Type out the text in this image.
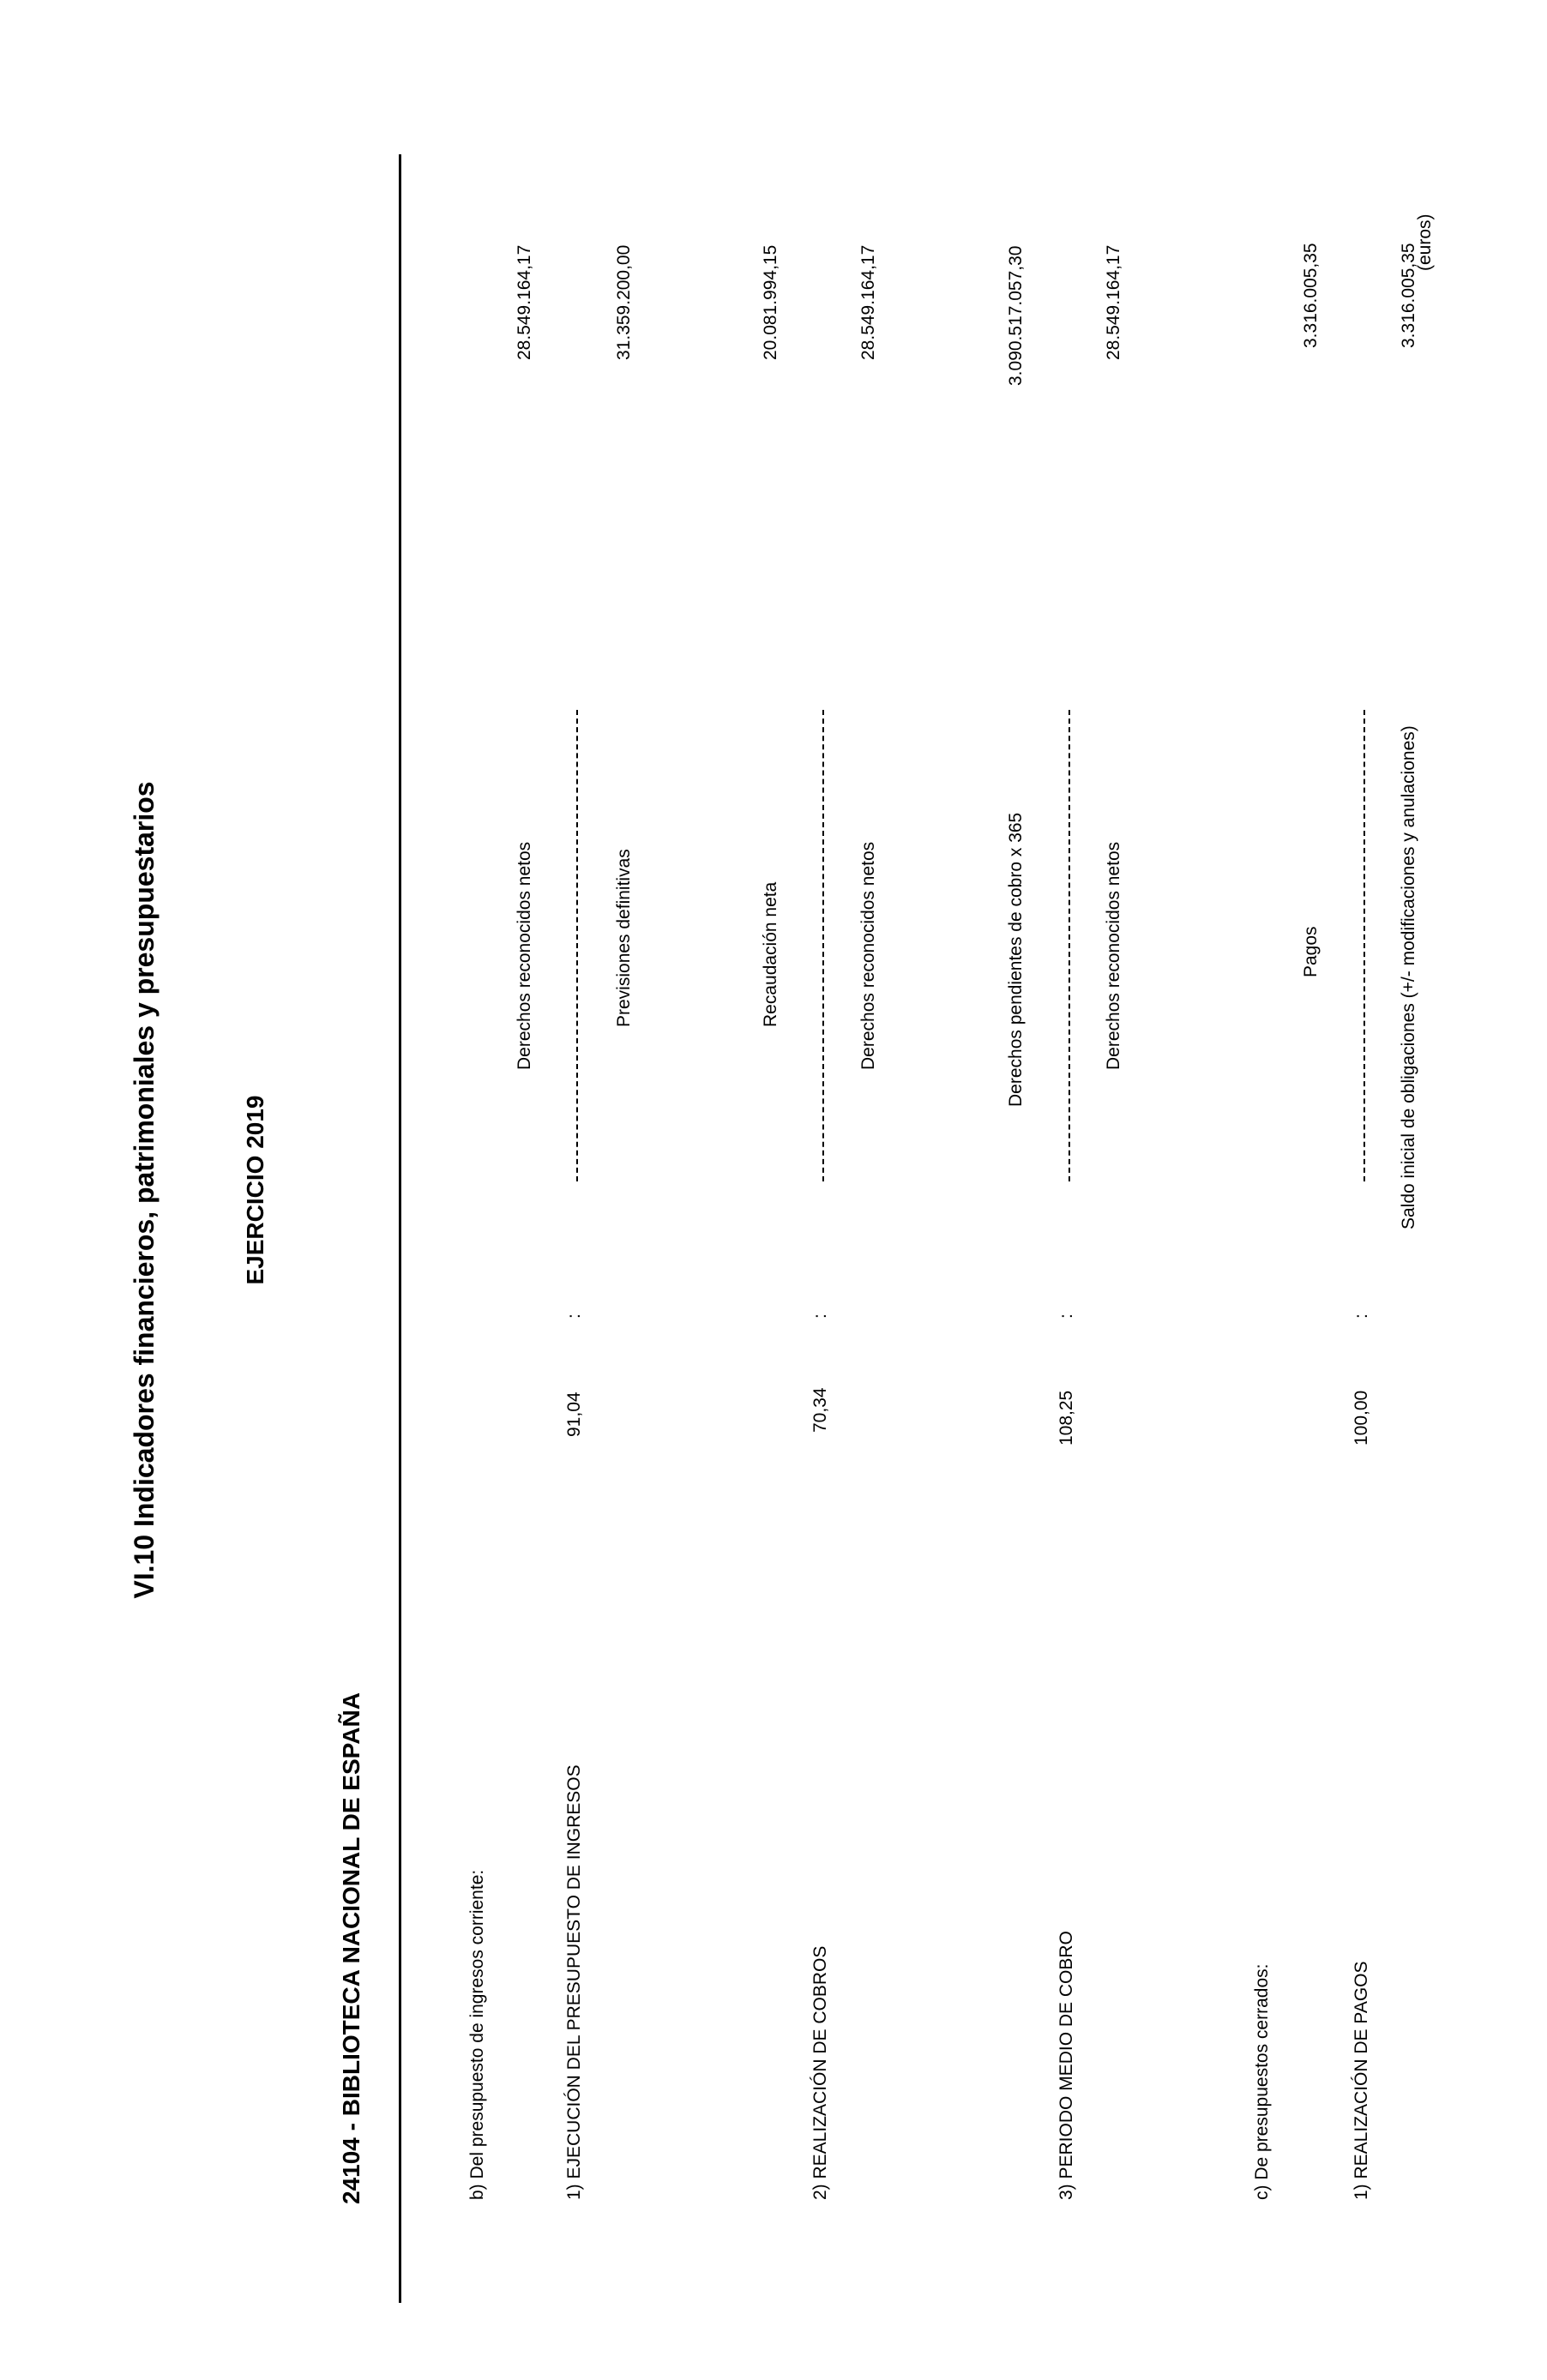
VI.10 Indicadores financieros, patrimoniales y presupuestarios	EJERCICIO 2019
24104 - BIBLIOTECA NACIONAL DE ESPAÑA
(euros)
b) Del presupuesto de ingresos corriente:	1) EJECUCIÓN DEL PRESUPUESTO DE INGRESOS
91,04
:
Derechos reconocidos netos	Previsiones definitivas
28.549.164,17	31.359.200,00
2) REALIZACIÓN DE COBROS
70,34
:
Recaudación neta	Derechos reconocidos netos
20.081.994,15	28.549.164,17
3) PERIODO MEDIO DE COBRO
108,25
:
Derechos pendientes de cobro x 365	Derechos reconocidos netos
3.090.517.057,30	28.549.164,17
c) De presupuestos cerrados:	1) REALIZACIÓN DE PAGOS
100,00
:
Pagos	Saldo inicial de obligaciones (+/- modificaciones y anulaciones)
3.316.005,35	3.316.005,35
